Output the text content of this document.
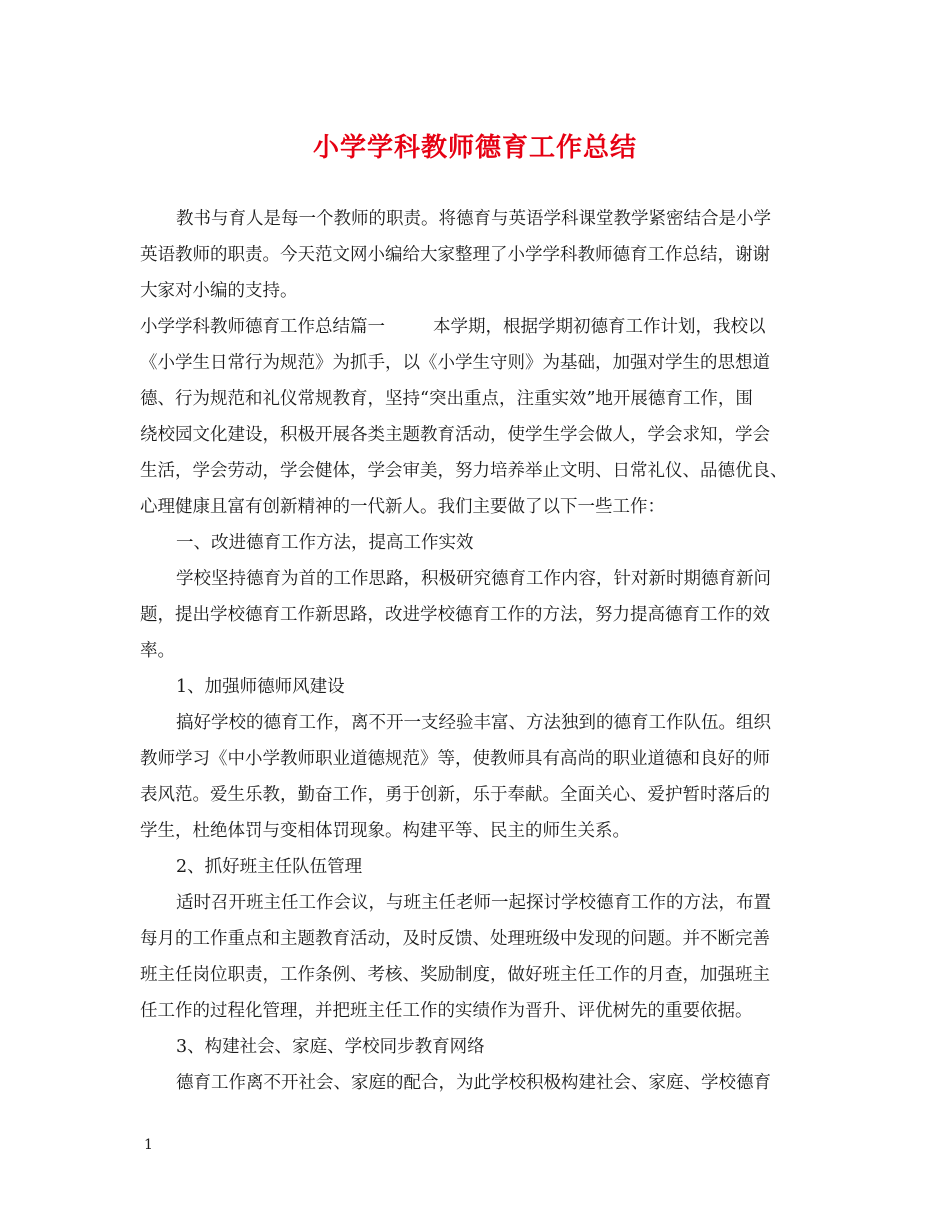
小学学科教师德育工作总结
教书与育人是每一个教师的职责。将德育与英语学科课堂教学紧密结合是小学
英语教师的职责。今天范文网小编给大家整理了小学学科教师德育工作总结，谢谢
大家对小编的支持。
小学学科教师德育工作总结篇一	本学期，根据学期初德育工作计划，我校以
《小学生日常行为规范》为抓手，以《小学生守则》为基础，加强对学生的思想道
德、行为规范和礼仪常规教育，坚持“突出重点，注重实效”地开展德育工作，围
绕校园文化建设，积极开展各类主题教育活动，使学生学会做人，学会求知，学会
生活，学会劳动，学会健体，学会审美，努力培养举止文明、日常礼仪、品德优良、
心理健康且富有创新精神的一代新人。我们主要做了以下一些工作：
一、改进德育工作方法，提高工作实效
学校坚持德育为首的工作思路，积极研究德育工作内容，针对新时期德育新问
题，提出学校德育工作新思路，改进学校德育工作的方法，努力提高德育工作的效
率。
1、加强师德师风建设
搞好学校的德育工作，离不开一支经验丰富、方法独到的德育工作队伍。组织
教师学习《中小学教师职业道德规范》等，使教师具有高尚的职业道德和良好的师
表风范。爱生乐教，勤奋工作，勇于创新，乐于奉献。全面关心、爱护暂时落后的
学生，杜绝体罚与变相体罚现象。构建平等、民主的师生关系。
2、抓好班主任队伍管理
适时召开班主任工作会议，与班主任老师一起探讨学校德育工作的方法，布置
每月的工作重点和主题教育活动，及时反馈、处理班级中发现的问题。并不断完善
班主任岗位职责，工作条例、考核、奖励制度，做好班主任工作的月查，加强班主
任工作的过程化管理，并把班主任工作的实绩作为晋升、评优树先的重要依据。
3、构建社会、家庭、学校同步教育网络
德育工作离不开社会、家庭的配合，为此学校积极构建社会、家庭、学校德育
1
